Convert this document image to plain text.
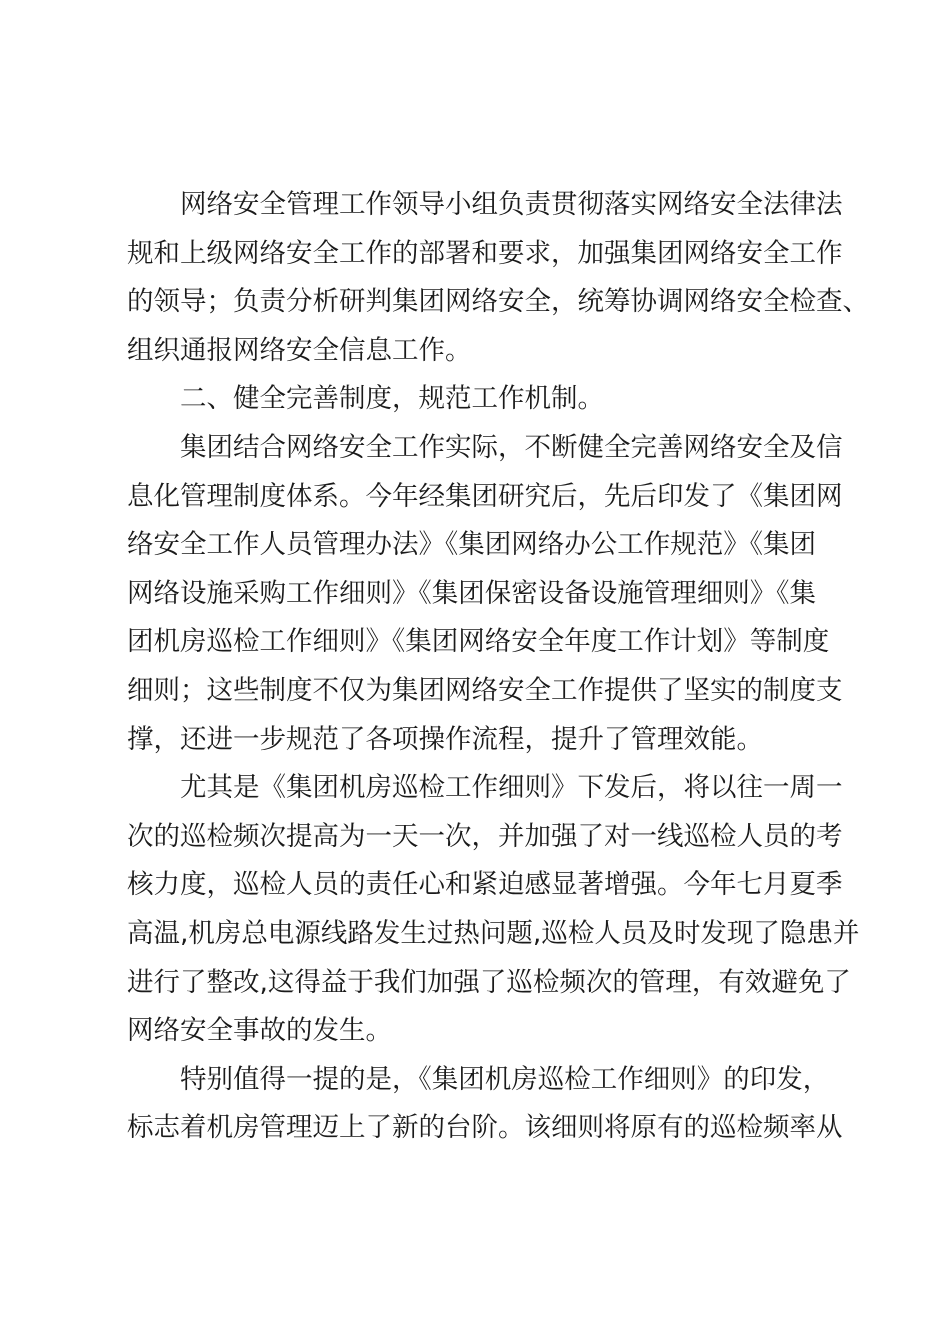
网络安全管理工作领导小组负责贯彻落实网络安全法律法
规和上级网络安全工作的部署和要求，加强集团网络安全工作
的领导；负责分析研判集团网络安全，统筹协调网络安全检查、
组织通报网络安全信息工作。
二、健全完善制度，规范工作机制。
集团结合网络安全工作实际，不断健全完善网络安全及信
息化管理制度体系。今年经集团研究后，先后印发了《集团网
络安全工作人员管理办法》《集团网络办公工作规范》《集团
网络设施采购工作细则》《集团保密设备设施管理细则》《集
团机房巡检工作细则》《集团网络安全年度工作计划》等制度
细则；这些制度不仅为集团网络安全工作提供了坚实的制度支
撑，还进一步规范了各项操作流程，提升了管理效能。
尤其是《集团机房巡检工作细则》下发后，将以往一周一
次的巡检频次提高为一天一次，并加强了对一线巡检人员的考
核力度，巡检人员的责任心和紧迫感显著增强。今年七月夏季
高温,机房总电源线路发生过热问题,巡检人员及时发现了隐患并
进行了整改,这得益于我们加强了巡检频次的管理，有效避免了
网络安全事故的发生。
特别值得一提的是，《集团机房巡检工作细则》的印发，
标志着机房管理迈上了新的台阶。该细则将原有的巡检频率从
